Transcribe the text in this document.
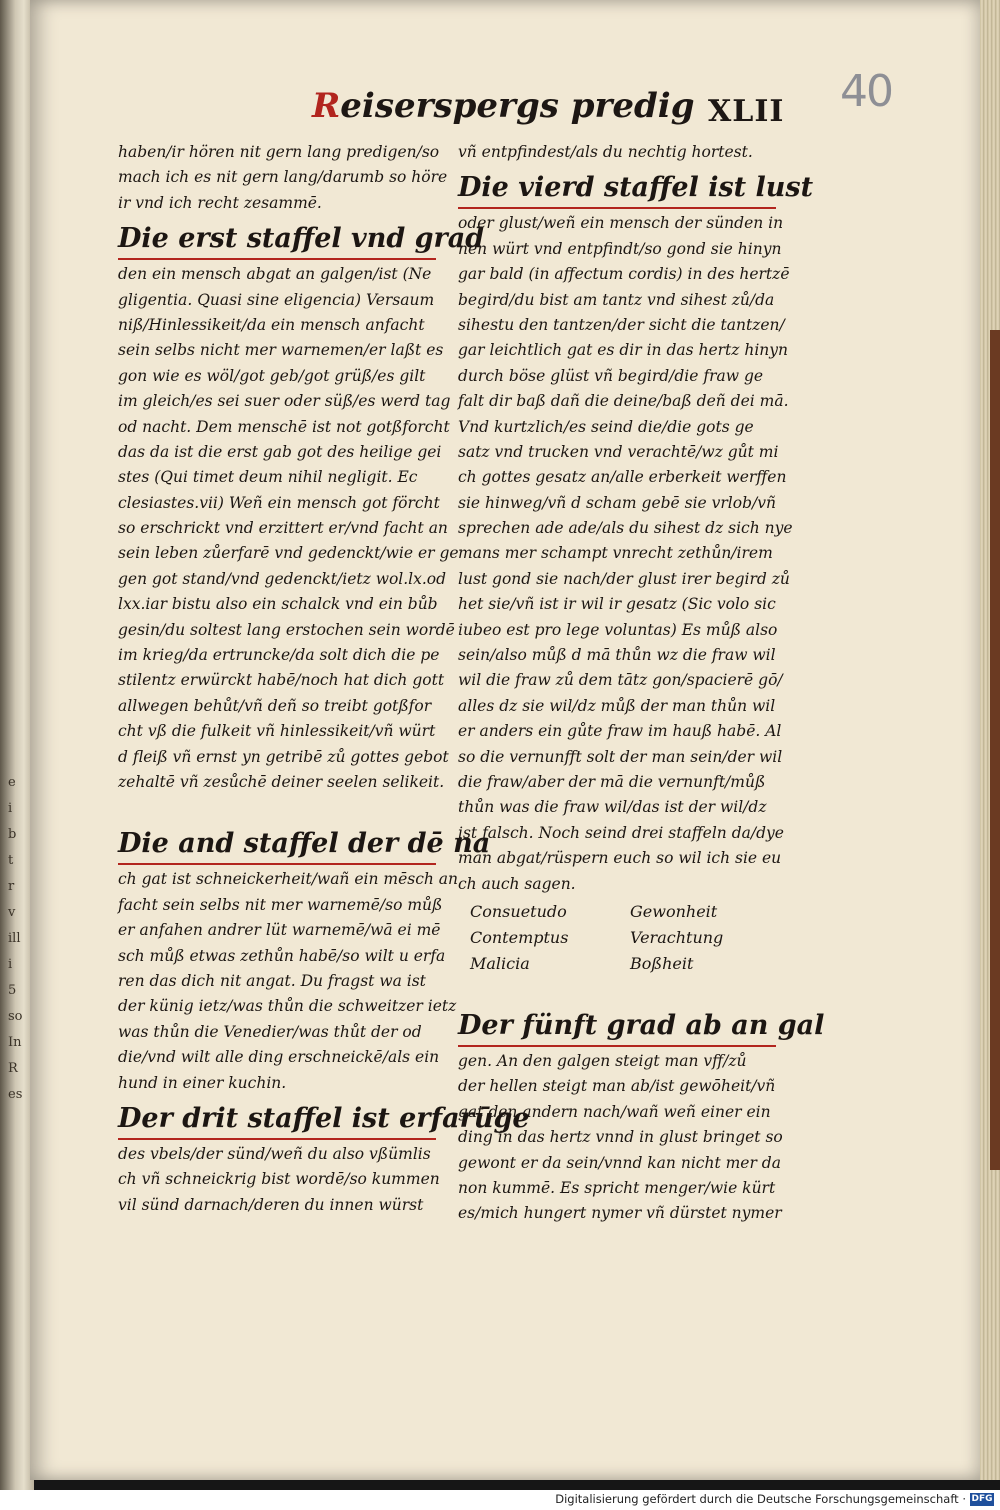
e
i
b
t
r
v
ill
i
5
so
In
R
es
40
Reiserspergs predig XLII
haben/ir hören nit gern lang predigen/so
mach ich es nit gern lang/darumb so höre
ir vnd ich recht zesammē.
Die erst staffel vnd grad
den ein mensch abgat an galgen/ist (Ne
gligentia. Quasi sine eligencia) Versaum
niß/Hinlessikeit/da ein mensch anfacht
sein selbs nicht mer warnemen/er laßt es
gon wie es wöl/got geb/got grüß/es gilt
im gleich/es sei suer oder süß/es werd tag
od nacht. Dem menschē ist not gotßforcht
das da ist die erst gab got des heilige gei
stes (Qui timet deum nihil negligit. Ec
clesiastes.vii) Weñ ein mensch got förcht
so erschrickt vnd erzittert er/vnd facht an
sein leben zůerfarē vnd gedenckt/wie er ge
gen got stand/vnd gedenckt/ietz wol.lx.od
lxx.iar bistu also ein schalck vnd ein bůb
gesin/du soltest lang erstochen sein wordē
im krieg/da ertruncke/da solt dich die pe
stilentz erwürckt habē/noch hat dich gott
allwegen behůt/vñ deñ so treibt gotßfor
cht vß die fulkeit vñ hinlessikeit/vñ würt
d fleiß vñ ernst yn getribē zů gottes gebot
zehaltē vñ zesůchē deiner seelen selikeit.
Die and staffel der dē na
ch gat ist schneickerheit/wañ ein mēsch an
facht sein selbs nit mer warnemē/so můß
er anfahen andrer lüt warnemē/wā ei mē
sch můß etwas zethůn habē/so wilt u erfa
ren das dich nit angat. Du fragst wa ist
der künig ietz/was thůn die schweitzer ietz
was thůn die Venedier/was thůt der od
die/vnd wilt alle ding erschneickē/als ein
hund in einer kuchin.
Der drit staffel ist erfarūge
des vbels/der sünd/weñ du also vßümlis
ch vñ schneickrig bist wordē/so kummen
vil sünd darnach/deren du innen würst
vñ entpfindest/als du nechtig hortest.
Die vierd staffel ist lust
oder glust/weñ ein mensch der sünden in
nen würt vnd entpfindt/so gond sie hinyn
gar bald (in affectum cordis) in des hertzē
begird/du bist am tantz vnd sihest zů/da
sihestu den tantzen/der sicht die tantzen/
gar leichtlich gat es dir in das hertz hinyn
durch böse glüst vñ begird/die fraw ge
falt dir baß dañ die deine/baß deñ dei mā.
Vnd kurtzlich/es seind die/die gots ge
satz vnd trucken vnd verachtē/wz gůt mi
ch gottes gesatz an/alle erberkeit werffen
sie hinweg/vñ d scham gebē sie vrlob/vñ
sprechen ade ade/als du sihest dz sich nye
mans mer schampt vnrecht zethůn/irem
lust gond sie nach/der glust irer begird zů
het sie/vñ ist ir wil ir gesatz (Sic volo sic
iubeo est pro lege voluntas) Es můß also
sein/also můß d mā thůn wz die fraw wil
wil die fraw zů dem tātz gon/spacierē gō/
alles dz sie wil/dz můß der man thůn wil
er anders ein gůte fraw im hauß habē. Al
so die vernunfft solt der man sein/der wil
die fraw/aber der mā die vernunft/můß
thůn was die fraw wil/das ist der wil/dz
ist falsch. Noch seind drei staffeln da/dye
man abgat/rüspern euch so wil ich sie eu
ch auch sagen.
Consuetudo	Gewonheit
Contemptus	Verachtung
Malicia	Boßheit
Der fünft grad ab an gal
gen. An den galgen steigt man vff/zů
der hellen steigt man ab/ist gewōheit/vñ
gat den andern nach/wañ weñ einer ein
ding in das hertz vnnd in glust bringet so
gewont er da sein/vnnd kan nicht mer da
non kummē. Es spricht menger/wie kürt
es/mich hungert nymer vñ dürstet nymer
Digitalisierung gefördert durch die Deutsche Forschungsgemeinschaft · DFG
